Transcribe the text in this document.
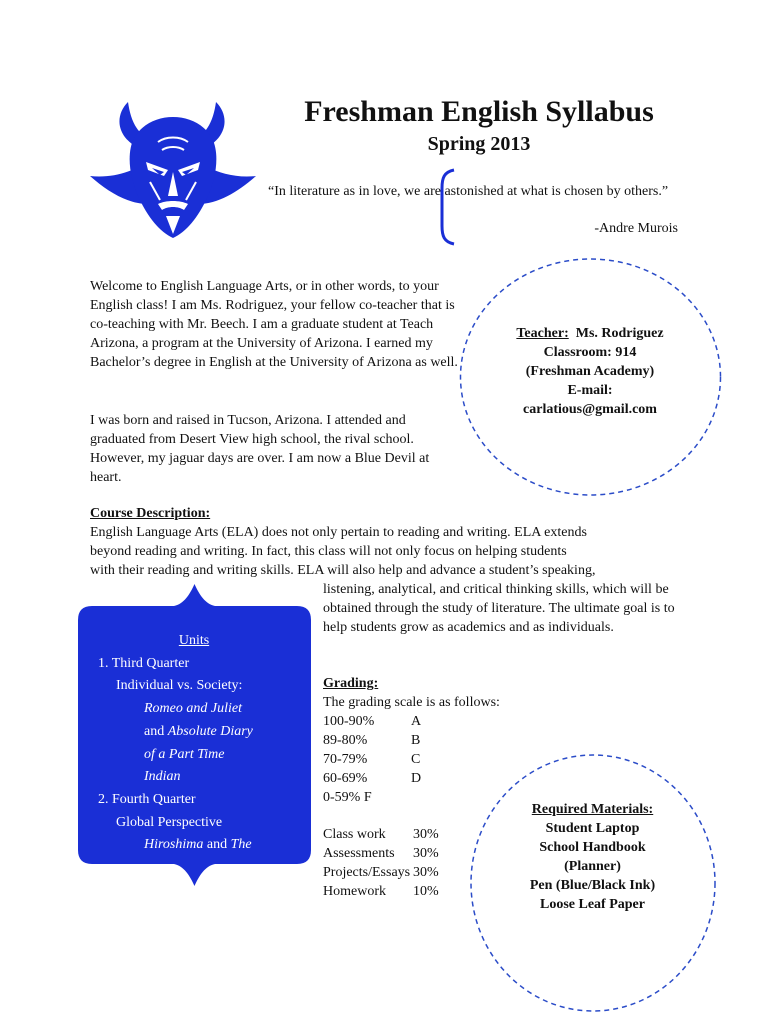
Freshman English Syllabus
Spring 2013
“In literature as in love, we are astonished at what is chosen by others.”
-Andre Murois
Welcome to English Language Arts, or in other words, to your English class! I am Ms. Rodriguez, your fellow co-teacher that is co-teaching with Mr. Beech. I am a graduate student at Teach Arizona, a program at the University of Arizona. I earned my Bachelor’s degree in English at the University of Arizona as well.
I was born and raised in Tucson, Arizona. I attended and graduated from Desert View high school, the rival school. However, my jaguar days are over. I am now a Blue Devil at heart.
Teacher: Ms. Rodriguez
Classroom: 914
(Freshman Academy)
E-mail:
carlatious@gmail.com
Course Description:
English Language Arts (ELA) does not only pertain to reading and writing. ELA extends
beyond reading and writing. In fact, this class will not only focus on helping students
with their reading and writing skills. ELA will also help and advance a student’s speaking,
listening, analytical, and critical thinking skills, which will be obtained through the study of literature. The ultimate goal is to help students grow as academics and as individuals.
Units
1. Third Quarter
Individual vs. Society:
Romeo and Juliet
and Absolute Diary
of a Part Time
Indian
2. Fourth Quarter
Global Perspective
Hiroshima and The
Grading:
The grading scale is as follows:
100-90%	A
89-80%	B
70-79%	C
60-69%	D
0-59% F
Class work	30%
Assessments	30%
Projects/Essays 30%
Homework	10%
Required Materials:
Student Laptop
School Handbook
(Planner)
Pen (Blue/Black Ink)
Loose Leaf Paper
